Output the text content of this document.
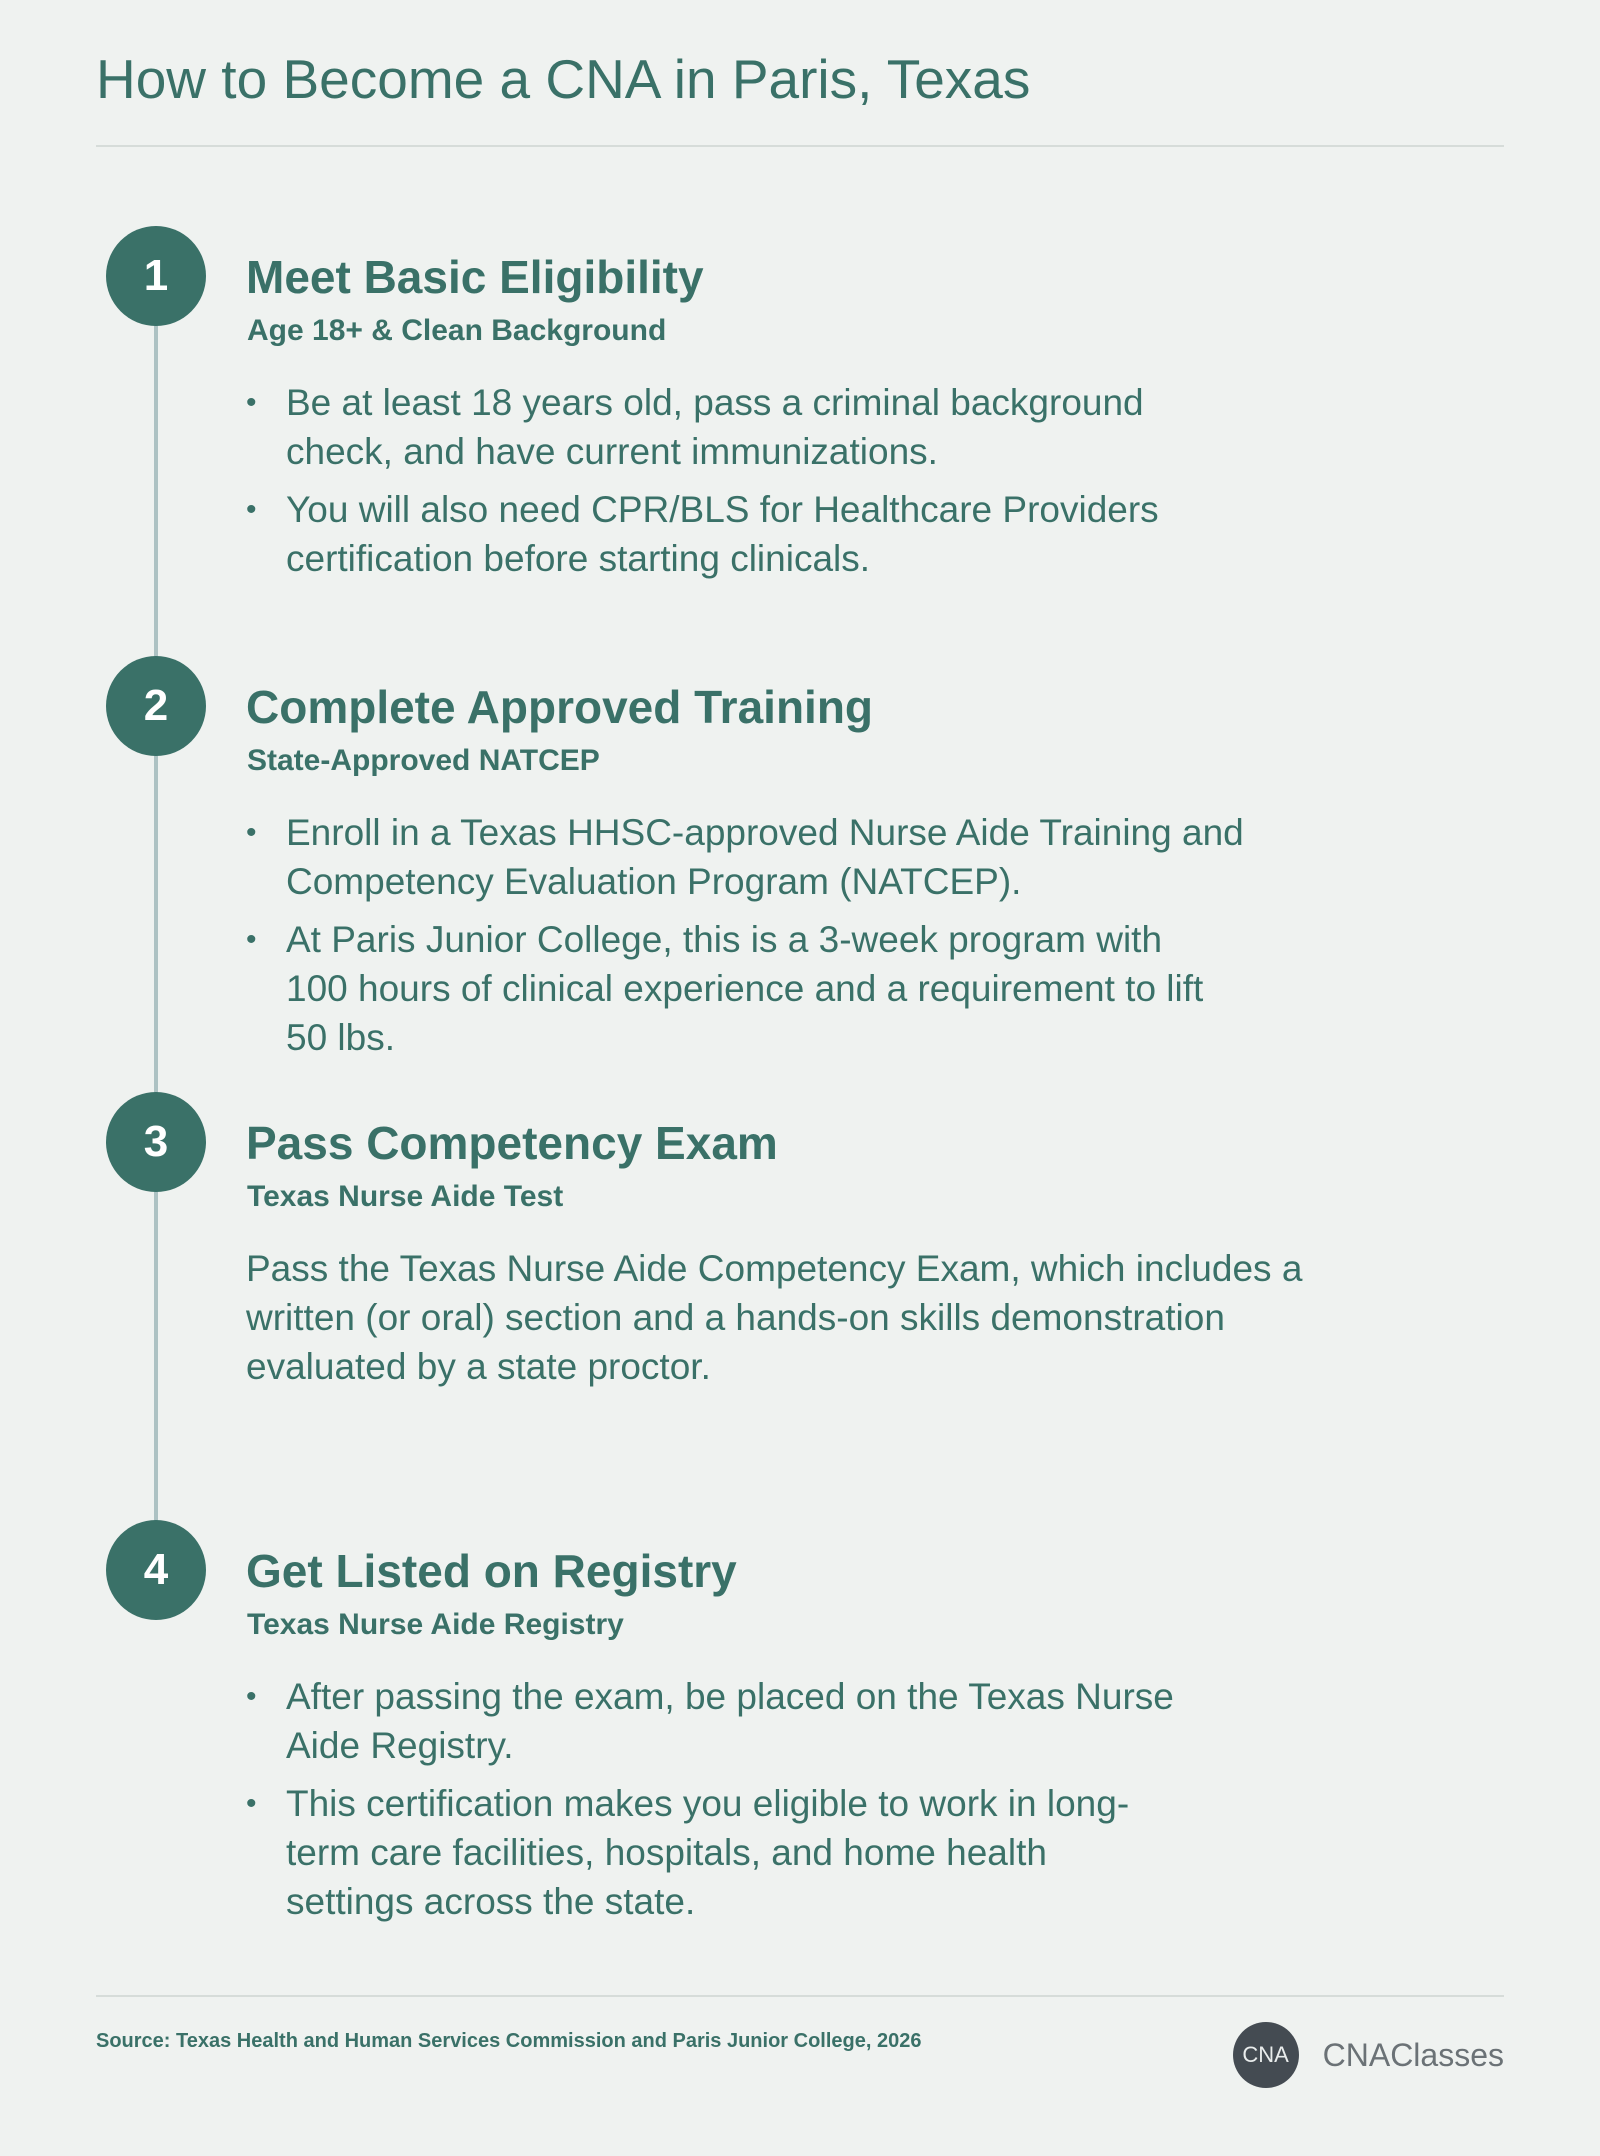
How to Become a CNA in Paris, Texas
1	Meet Basic Eligibility
Age 18+ & Clean Background
• Be at least 18 years old, pass a criminal background check, and have current immunizations.
• You will also need CPR/BLS for Healthcare Providers certification before starting clinicals.
2	Complete Approved Training
State-Approved NATCEP
• Enroll in a Texas HHSC-approved Nurse Aide Training and Competency Evaluation Program (NATCEP).
• At Paris Junior College, this is a 3-week program with 100 hours of clinical experience and a requirement to lift 50 lbs.
3	Pass Competency Exam
Texas Nurse Aide Test

Pass the Texas Nurse Aide Competency Exam, which includes a written (or oral) section and a hands-on skills demonstration evaluated by a state proctor.

4	Get Listed on Registry
Texas Nurse Aide Registry
• After passing the exam, be placed on the Texas Nurse Aide Registry.
• This certification makes you eligible to work in long-term care facilities, hospitals, and home health settings across the state.
Source: Texas Health and Human Services Commission and Paris Junior College, 2026
CNA	CNAClasses
